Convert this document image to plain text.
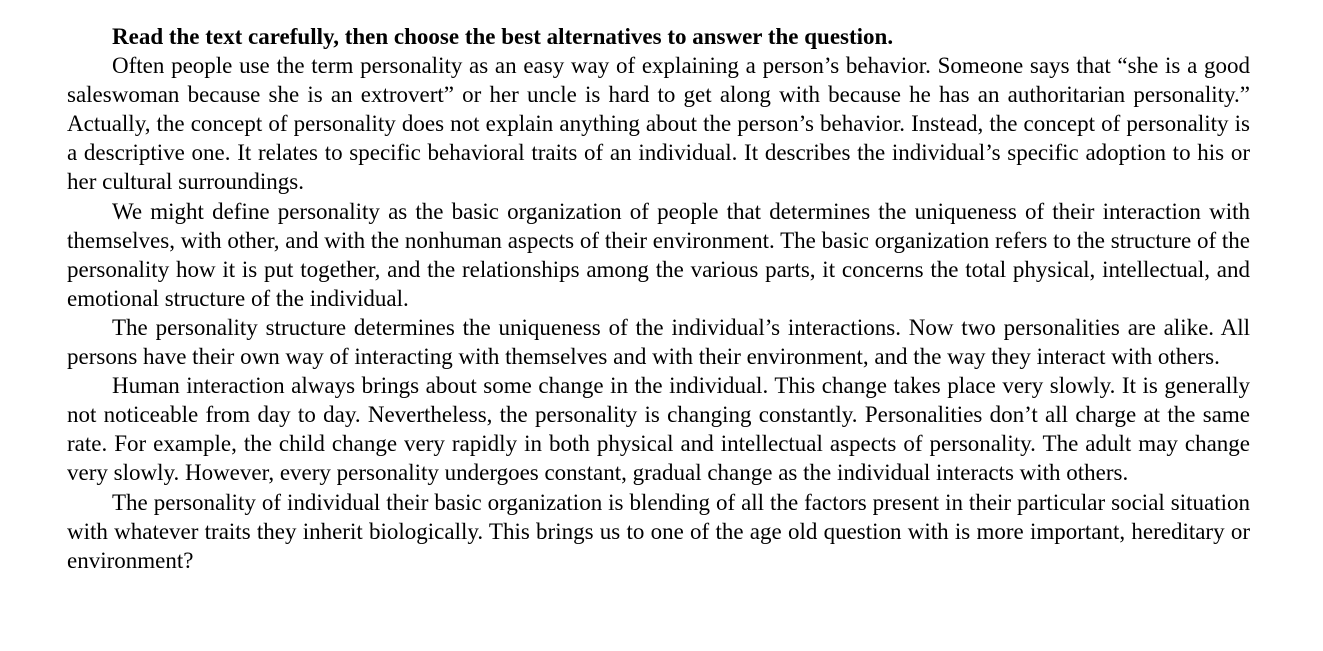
Read the text carefully, then choose the best alternatives to answer the question.

Often people use the term personality as an easy way of explaining a person’s behavior. Someone says that “she is a good saleswoman because she is an extrovert” or her uncle is hard to get along with because he has an authoritarian personality.” Actually, the concept of personality does not explain anything about the person’s behavior. Instead, the concept of personality is a descriptive one. It relates to specific behavioral traits of an individual. It describes the individual’s specific adoption to his or her cultural surroundings.

We might define personality as the basic organization of people that determines the uniqueness of their interaction with themselves, with other, and with the nonhuman aspects of their environment. The basic organization refers to the structure of the personality how it is put together, and the relationships among the various parts, it concerns the total physical, intellectual, and emotional structure of the individual.

The personality structure determines the uniqueness of the individual’s interactions. Now two personalities are alike. All persons have their own way of interacting with themselves and with their environment, and the way they interact with others.

Human interaction always brings about some change in the individual. This change takes place very slowly. It is generally not noticeable from day to day. Nevertheless, the personality is changing constantly. Personalities don’t all charge at the same rate. For example, the child change very rapidly in both physical and intellectual aspects of personality. The adult may change very slowly. However, every personality undergoes constant, gradual change as the individual interacts with others.

The personality of individual their basic organization is blending of all the factors present in their particular social situation with whatever traits they inherit biologically. This brings us to one of the age old question with is more important, hereditary or environment?
